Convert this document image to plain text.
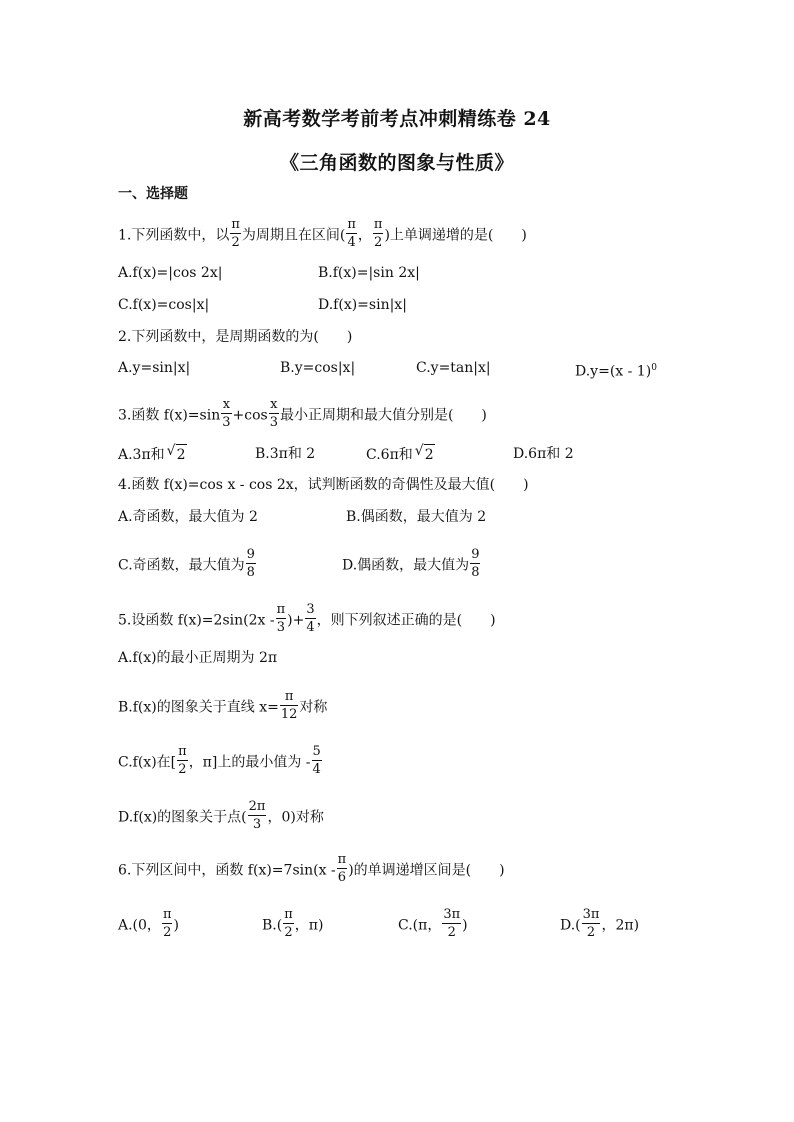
新高考数学考前考点冲刺精练卷 24
《三角函数的图象与性质》
一、选择题
1.下列函数中，以 $\frac{\pi}{2}$ 为周期且在区间( $\frac{\pi}{4}$ ， $\frac{\pi}{2}$ )上单调递增的是(　　)
A.f(x)=|cos 2x|	B.f(x)=|sin 2x|
C.f(x)=cos|x|	D.f(x)=sin|x|
2.下列函数中，是周期函数的为(　　)
A.y=sin|x|	B.y=cos|x|	C.y=tan|x|	D.y=(x - 1)$^0$
3.函数 $f(x)=\sin \frac{x}{3} +\cos \frac{x}{3}$ 最小正周期和最大值分别是(　　)
A.3π和 √ 2	B.3π和 2	C.6π和 √ 2	D.6π和 2
4.函数 f(x)=cos x - cos 2x，试判断函数的奇偶性及最大值(　　)
A.奇函数，最大值为 2	B.偶函数，最大值为 2
C.奇函数，最大值为 $\frac{9}{8}$	D.偶函数，最大值为 $\frac{9}{8}$
5.设函数 $f(x)=2\sin(2x - \frac{\pi}{3}$ )+ $\frac{3}{4}$ ，则下列叙述正确的是(　　)
A.f(x)的最小正周期为 2π
B.f(x)的图象关于直线 $x= \frac{\pi}{12}$ 对称
C.f(x)在[ $\frac{\pi}{2}$ ，π]上的最小值为 - $\frac{5}{4}$
D.f(x)的图象关于点( $\frac{2\pi}{3}$ ，0)对称
6.下列区间中，函数 $f(x)=7\sin(x - \frac{\pi}{6}$ )的单调递增区间是(　　)
A.(0， $\frac{\pi}{2}$ )	$B.( \frac{\pi}{2}$ ，π)	C.(π， $\frac{3\pi}{2}$ )	$D.( \frac{3\pi}{2}$ ，2π)
